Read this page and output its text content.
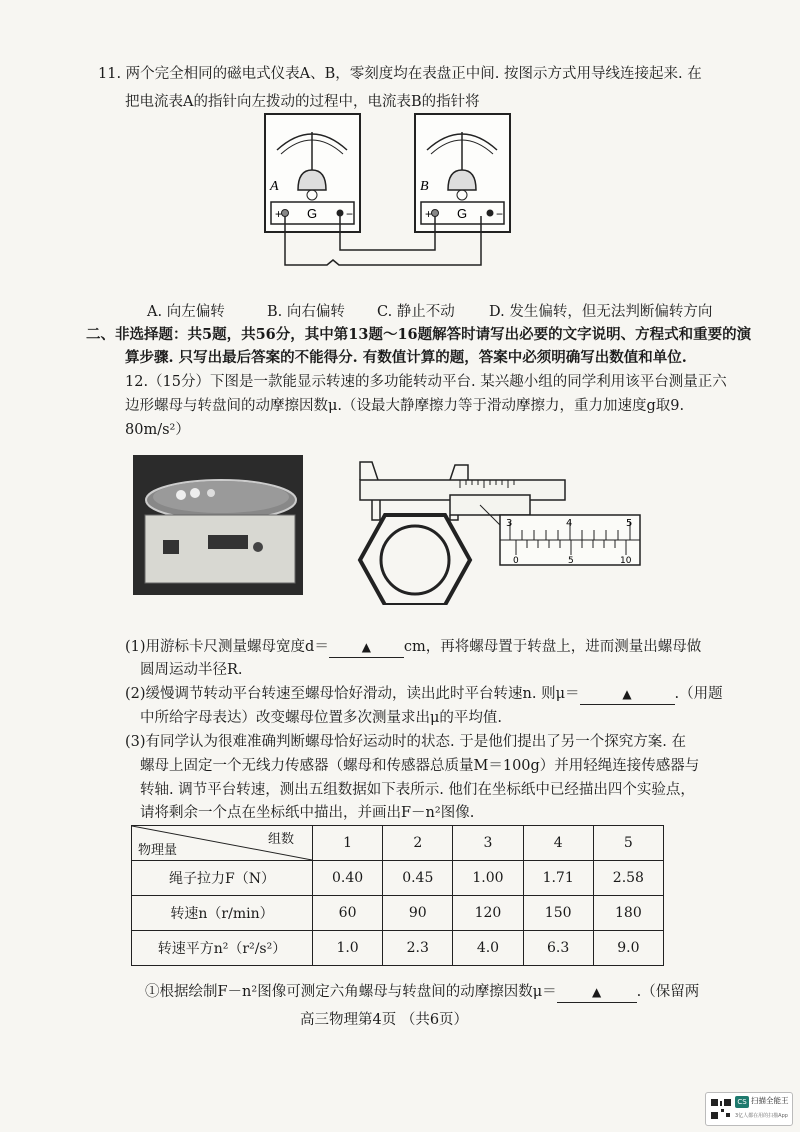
11. 两个完全相同的磁电式仪表A、B，零刻度均在表盘正中间. 按图示方式用导线连接起来. 在
把电流表A的指针向左拨动的过程中，电流表B的指针将
A
+ G −
B
+ G −
A. 向左偏转	B. 向右偏转 C. 静止不动 D. 发生偏转，但无法判断偏转方向
二、非选择题：共5题，共56分，其中第13题～16题解答时请写出必要的文字说明、方程式和重要的演
算步骤. 只写出最后答案的不能得分. 有数值计算的题，答案中必须明确写出数值和单位.
12.（15分）下图是一款能显示转速的多功能转动平台. 某兴趣小组的同学利用该平台测量正六
边形螺母与转盘间的动摩擦因数μ.（设最大静摩擦力等于滑动摩擦力，重力加速度g取9.
80m/s²）
3	4	5
0	5	10
(1)用游标卡尺测量螺母宽度d＝	▲ cm，再将螺母置于转盘上，进而测量出螺母做
圆周运动半径R.
(2)缓慢调节转动平台转速至螺母恰好滑动，读出此时平台转速n. 则μ＝	▲	.（用题
中所给字母表达）改变螺母位置多次测量求出μ的平均值.
(3)有同学认为很难准确判断螺母恰好运动时的状态. 于是他们提出了另一个探究方案. 在
螺母上固定一个无线力传感器（螺母和传感器总质量M＝100g）并用轻绳连接传感器与
转轴. 调节平台转速，测出五组数据如下表所示. 他们在坐标纸中已经描出四个实验点，
请将剩余一个点在坐标纸中描出，并画出F－n²图像.
组数
物理量	1	2	3	4	5
绳子拉力F（N）	0.40	0.45	1.00	1.71	2.58
转速n（r/min）	60	90	120	150	180
转速平方n²（r²/s²）	1.0	2.3	4.0	6.3	9.0
①根据绘制F－n²图像可测定六角螺母与转盘间的动摩擦因数μ＝	▲ .（保留两
高三物理第4页 （共6页）
CS 扫描全能王
3亿人都在用的扫描App
